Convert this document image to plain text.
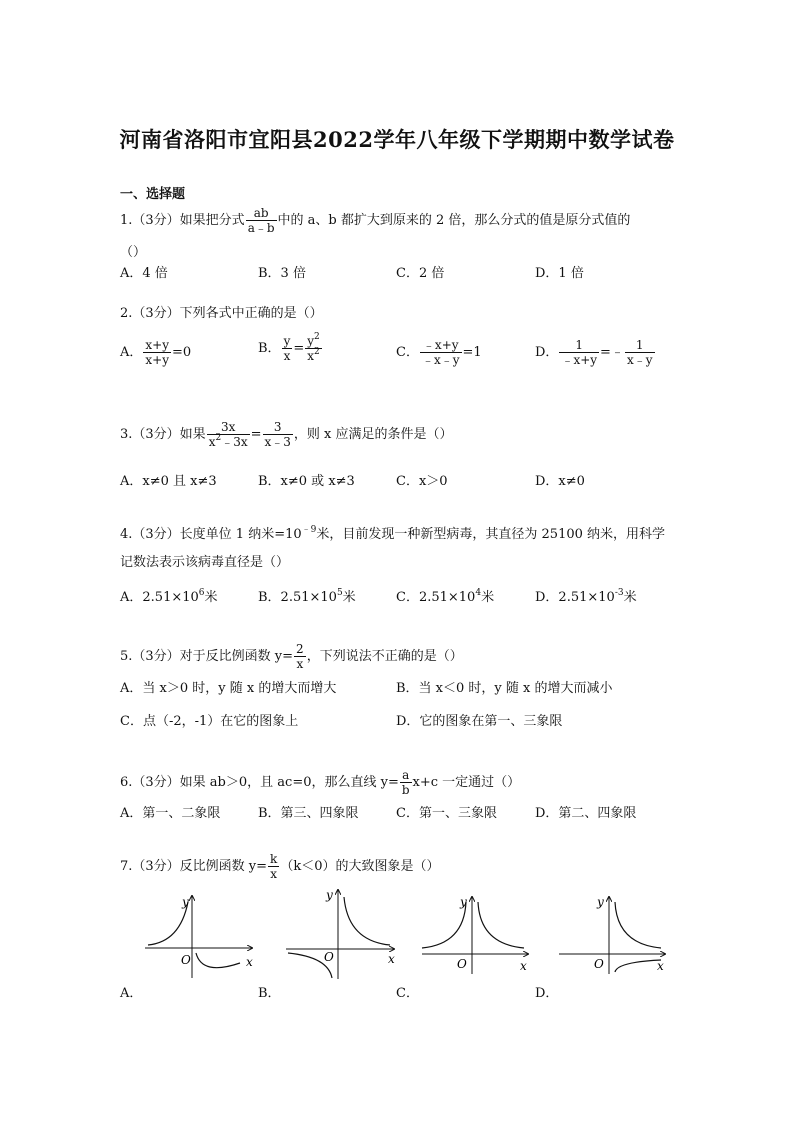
河南省洛阳市宜阳县2022学年八年级下学期期中数学试卷
一、选择题
1.（3分）如果把分式 $\frac{ab}{a﹣b}$ 中的 a、b 都扩大到原来的 2 倍，那么分式的值是原分式值的
（）
A．4 倍	B．3 倍	C．2 倍	D．1 倍
2.（3分）下列各式中正确的是（）
A． $\frac{x+y}{x+y} =0$	B． $\frac{y}{x} = \frac{y^2}{x^2}$	C． $\frac{﹣x+y}{﹣x﹣y} =1$	D． $\frac{1}{﹣x+y}$ =﹣ $\frac{1}{x﹣y}$
3.（3分）如果 $\frac{3x}{x^2﹣3x} = \frac{3}{x﹣3}$ ，则 x 应满足的条件是（）
A．x≠0 且 x≠3	B．x≠0 或 x≠3	C．x＞0	D．x≠0
4.（3分）长度单位 1 纳米$=10^{﹣9}$米，目前发现一种新型病毒，其直径为 25100 纳米，用科学
记数法表示该病毒直径是（）
A．$2.51\times 10^6$米	B．$2.51\times 10^5$米	C．$2.51\times 10^4$米	D．$2.51\times 10^{-3}$米
5.（3分）对于反比例函数 $y= \frac{2}{x}$ ，下列说法不正确的是（）
A．当 x＞0 时，y 随 x 的增大而增大	B．当 x＜0 时，y 随 x 的增大而减小
C．点（-2，-1）在它的图象上	D．它的图象在第一、三象限
6.（3分）如果 ab＞0，且 ac=0，那么直线 $y= \frac{a}{b} x+c$ 一定通过（）
A．第一、二象限	B．第三、四象限	C．第一、三象限	D．第二、四象限
7.（3分）反比例函数 $y= \frac{k}{x} (k<0)$的大致图象是（）
y
x
O
A．
y
x
O
B．
y
x
O
C．
y
x
O
D．
